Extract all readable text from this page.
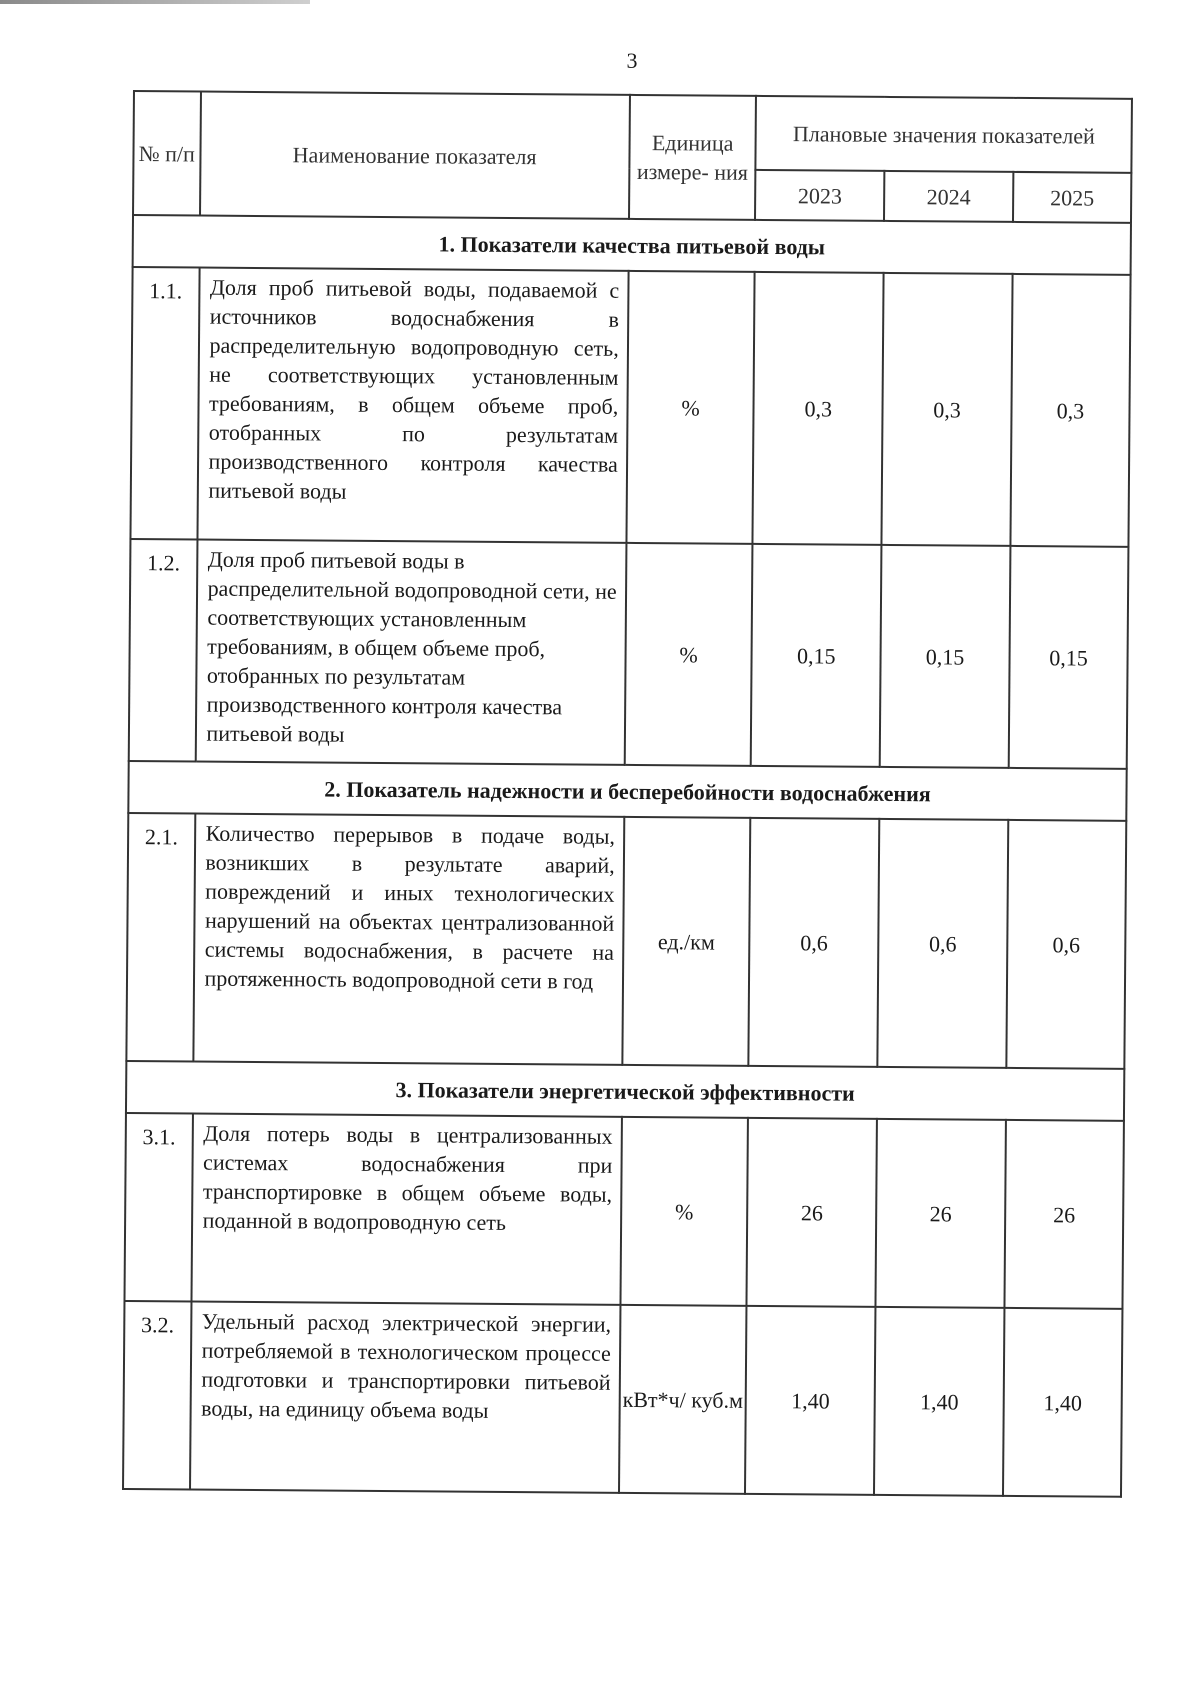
3
№ п/п	Наименование показателя	Единица измере- ния	Плановые значения показателей		
			2023	2024	2025
1. Показатели качества питьевой воды					
1.1.	Доля проб питьевой воды, подаваемой с источников водоснабжения в распределительную водопроводную сеть, не соответствующих установленным требованиям, в общем объеме проб, отобранных по результатам производственного контроля качества питьевой воды	%	0,3	0,3	0,3
1.2.	Доля проб питьевой воды в распределительной водопроводной сети, не соответствующих установленным требованиям, в общем объеме проб, отобранных по результатам производственного контроля качества питьевой воды	%	0,15	0,15	0,15
2. Показатель надежности и бесперебойности водоснабжения					
2.1.	Количество перерывов в подаче воды, возникших в результате аварий, повреждений и иных технологических нарушений на объектах централизованной системы водоснабжения, в расчете на протяженность водопроводной сети в год	ед./км	0,6	0,6	0,6
3. Показатели энергетической эффективности					
3.1.	Доля потерь воды в централизованных системах водоснабжения при транспортировке в общем объеме воды, поданной в водопроводную сеть	%	26	26	26
3.2.	Удельный расход электрической энергии, потребляемой в технологическом процессе подготовки и транспортировки питьевой воды, на единицу объема воды	кВт*ч/ куб.м	1,40	1,40	1,40
